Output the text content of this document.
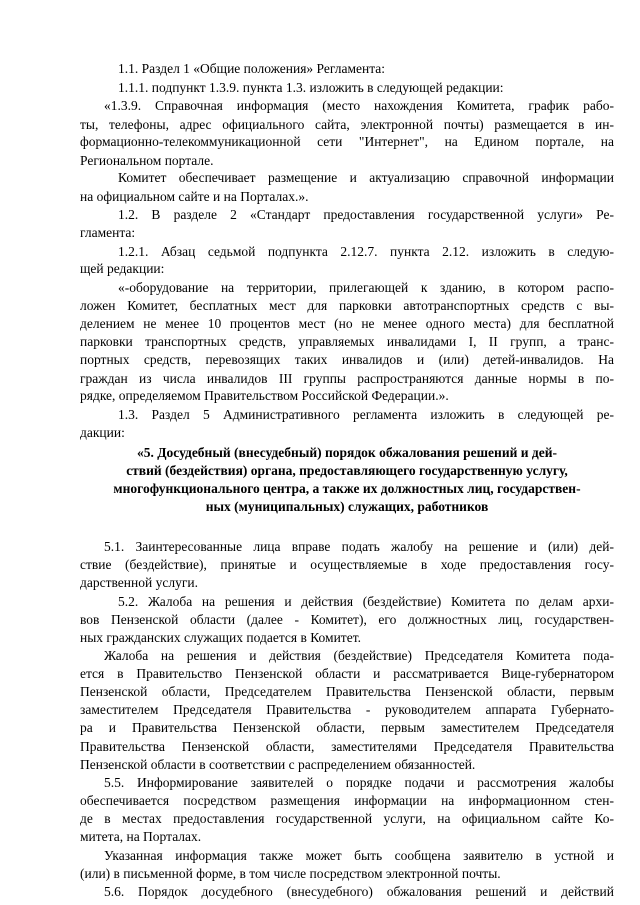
1.1. Раздел 1 «Общие положения» Регламента:
1.1.1. подпункт 1.3.9. пункта 1.3. изложить в следующей редакции:
«1.3.9. Справочная информация (место нахождения Комитета, график рабо-
ты, телефоны, адрес официального сайта, электронной почты) размещается в ин-
формационно-телекоммуникационной сети "Интернет", на Едином портале, на
Региональном портале.
Комитет обеспечивает размещение и актуализацию справочной информации
на официальном сайте и на Порталах.».
1.2. В разделе 2 «Стандарт предоставления государственной услуги» Ре-
гламента:
1.2.1. Абзац седьмой подпункта 2.12.7. пункта 2.12. изложить в следую-
щей редакции:
«-оборудование на территории, прилегающей к зданию, в котором распо-
ложен Комитет, бесплатных мест для парковки автотранспортных средств с вы-
делением не менее 10 процентов мест (но не менее одного места) для бесплатной
парковки транспортных средств, управляемых инвалидами I, II групп, а транс-
портных средств, перевозящих таких инвалидов и (или) детей-инвалидов. На
граждан из числа инвалидов III группы распространяются данные нормы в по-
рядке, определяемом Правительством Российской Федерации.».
1.3. Раздел 5 Административного регламента изложить в следующей ре-
дакции:
«5. Досудебный (внесудебный) порядок обжалования решений и дей-
ствий (бездействия) органа, предоставляющего государственную услугу,
многофункционального центра, а также их должностных лиц, государствен-
ных (муниципальных) служащих, работников
5.1. Заинтересованные лица вправе подать жалобу на решение и (или) дей-
ствие (бездействие), принятые и осуществляемые в ходе предоставления госу-
дарственной услуги.
5.2. Жалоба на решения и действия (бездействие) Комитета по делам архи-
вов Пензенской области (далее - Комитет), его должностных лиц, государствен-
ных гражданских служащих подается в Комитет.
Жалоба на решения и действия (бездействие) Председателя Комитета пода-
ется в Правительство Пензенской области и рассматривается Вице-губернатором
Пензенской области, Председателем Правительства Пензенской области, первым
заместителем Председателя Правительства - руководителем аппарата Губернато-
ра и Правительства Пензенской области, первым заместителем Председателя
Правительства Пензенской области, заместителями Председателя Правительства
Пензенской области в соответствии с распределением обязанностей.
5.5. Информирование заявителей о порядке подачи и рассмотрения жалобы
обеспечивается посредством размещения информации на информационном стен-
де в местах предоставления государственной услуги, на официальном сайте Ко-
митета, на Порталах.
Указанная информация также может быть сообщена заявителю в устной и
(или) в письменной форме, в том числе посредством электронной почты.
5.6. Порядок досудебного (внесудебного) обжалования решений и действий
